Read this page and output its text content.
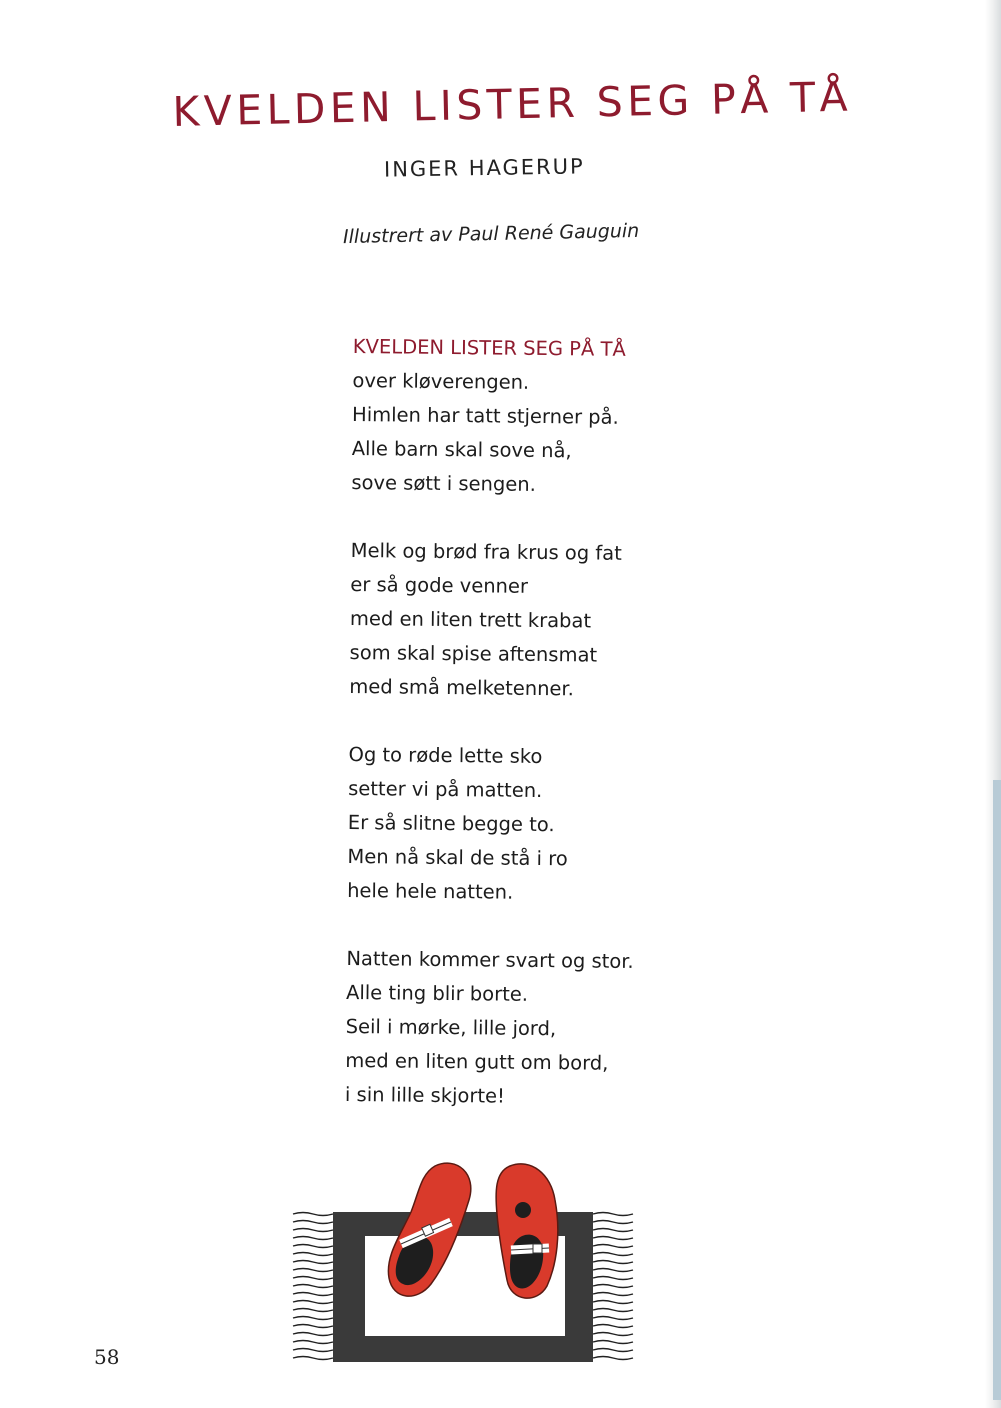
KVELDEN LISTER SEG PÅ TÅ
INGER HAGERUP
Illustrert av Paul René Gauguin
KVELDEN LISTER SEG PÅ TÅ
over kløverengen.
Himlen har tatt stjerner på.
Alle barn skal sove nå,
sove søtt i sengen.
Melk og brød fra krus og fat
er så gode venner
med en liten trett krabat
som skal spise aftensmat
med små melketenner.
Og to røde lette sko
setter vi på matten.
Er så slitne begge to.
Men nå skal de stå i ro
hele hele natten.
Natten kommer svart og stor.
Alle ting blir borte.
Seil i mørke, lille jord,
med en liten gutt om bord,
i sin lille skjorte!
58
